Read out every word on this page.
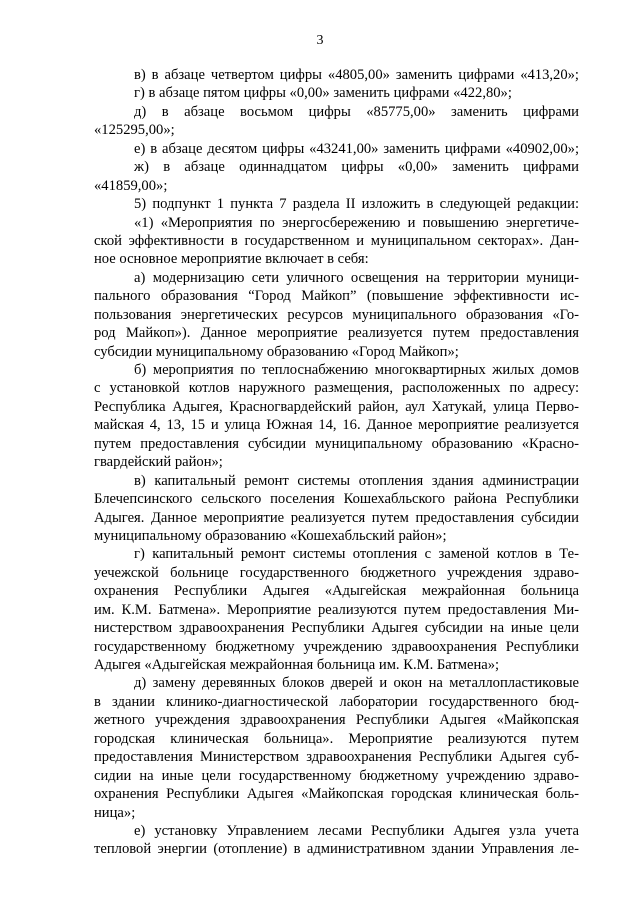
3
в) в абзаце четвертом цифры «4805,00» заменить цифрами «413,20»;
г) в абзаце пятом цифры «0,00» заменить цифрами «422,80»;
д) в абзаце восьмом цифры «85775,00» заменить цифрами
«125295,00»;
е) в абзаце десятом цифры «43241,00» заменить цифрами «40902,00»;
ж) в абзаце одиннадцатом цифры «0,00» заменить цифрами
«41859,00»;
5) подпункт 1 пункта 7 раздела II изложить в следующей редакции:
«1) «Мероприятия по энергосбережению и повышению энергетиче-
ской эффективности в государственном и муниципальном секторах». Дан-
ное основное мероприятие включает в себя:
а) модернизацию сети уличного освещения на территории муници-
пального образования “Город Майкоп” (повышение эффективности ис-
пользования энергетических ресурсов муниципального образования «Го-
род Майкоп»). Данное мероприятие реализуется путем предоставления
субсидии муниципальному образованию «Город Майкоп»;
б) мероприятия по теплоснабжению многоквартирных жилых домов
с установкой котлов наружного размещения, расположенных по адресу:
Республика Адыгея, Красногвардейский район, аул Хатукай, улица Перво-
майская 4, 13, 15 и улица Южная 14, 16. Данное мероприятие реализуется
путем предоставления субсидии муниципальному образованию «Красно-
гвардейский район»;
в) капитальный ремонт системы отопления здания администрации
Блечепсинского сельского поселения Кошехабльского района Республики
Адыгея. Данное мероприятие реализуется путем предоставления субсидии
муниципальному образованию «Кошехабльский район»;
г) капитальный ремонт системы отопления с заменой котлов в Те-
уечежской больнице государственного бюджетного учреждения здраво-
охранения Республики Адыгея «Адыгейская межрайонная больница
им. К.М. Батмена». Мероприятие реализуются путем предоставления Ми-
нистерством здравоохранения Республики Адыгея субсидии на иные цели
государственному бюджетному учреждению здравоохранения Республики
Адыгея «Адыгейская межрайонная больница им. К.М. Батмена»;
д) замену деревянных блоков дверей и окон на металлопластиковые
в здании клинико-диагностической лаборатории государственного бюд-
жетного учреждения здравоохранения Республики Адыгея «Майкопская
городская клиническая больница». Мероприятие реализуются путем
предоставления Министерством здравоохранения Республики Адыгея суб-
сидии на иные цели государственному бюджетному учреждению здраво-
охранения Республики Адыгея «Майкопская городская клиническая боль-
ница»;
е) установку Управлением лесами Республики Адыгея узла учета
тепловой энергии (отопление) в административном здании Управления ле-
